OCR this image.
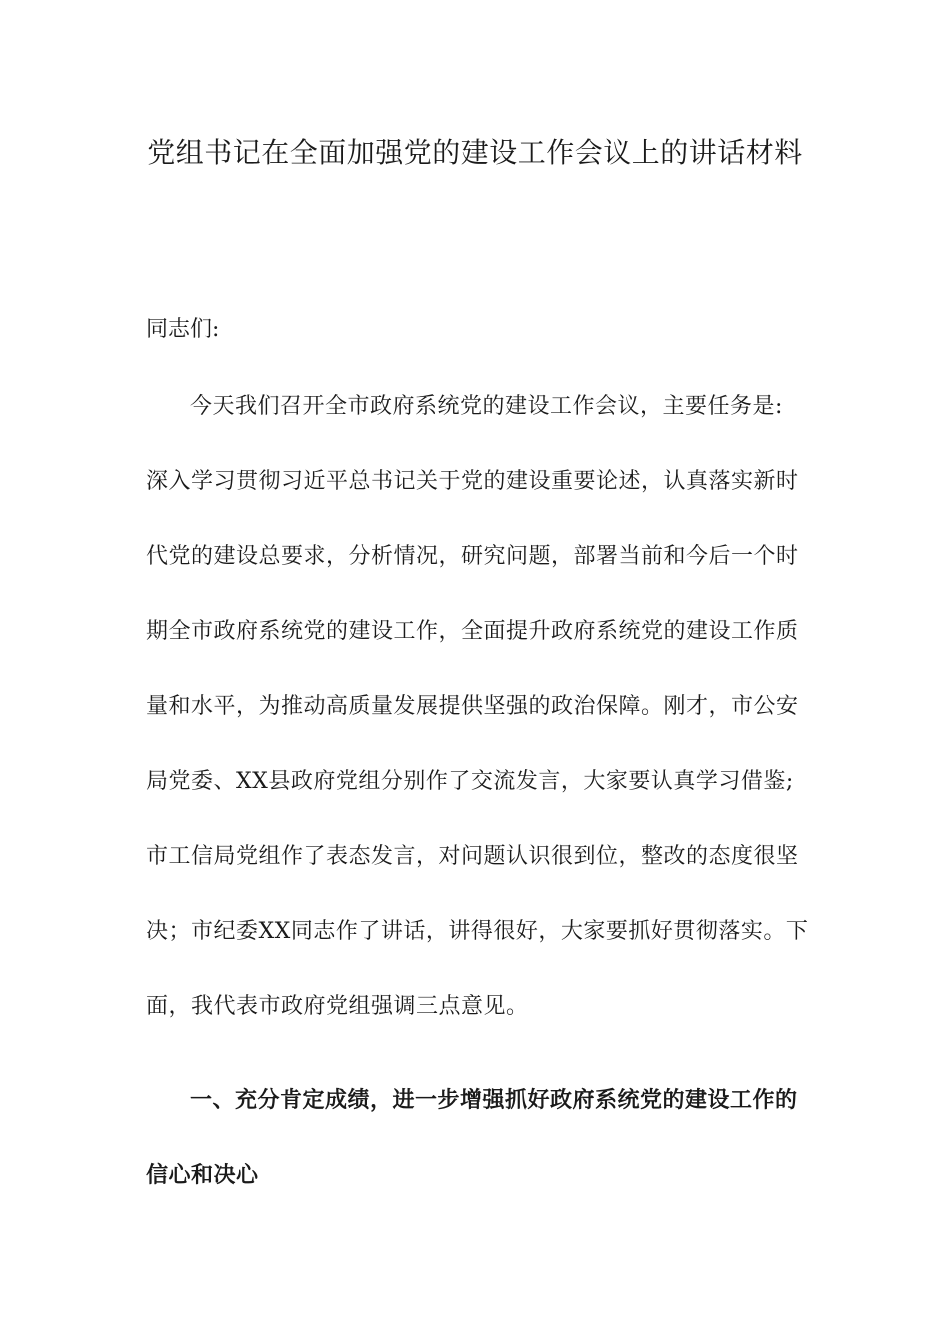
党组书记在全面加强党的建设工作会议上的讲话材料

同志们:

今天我们召开全市政府系统党的建设工作会议，主要任务是:
深入学习贯彻习近平总书记关于党的建设重要论述，认真落实新时
代党的建设总要求，分析情况，研究问题，部署当前和今后一个时
期全市政府系统党的建设工作，全面提升政府系统党的建设工作质
量和水平，为推动高质量发展提供坚强的政治保障。刚才，市公安
局党委、XX县政府党组分别作了交流发言，大家要认真学习借鉴;
市工信局党组作了表态发言，对问题认识很到位，整改的态度很坚
决；市纪委XX同志作了讲话，讲得很好，大家要抓好贯彻落实。下
面，我代表市政府党组强调三点意见。
一、充分肯定成绩，进一步增强抓好政府系统党的建设工作的
信心和决心
